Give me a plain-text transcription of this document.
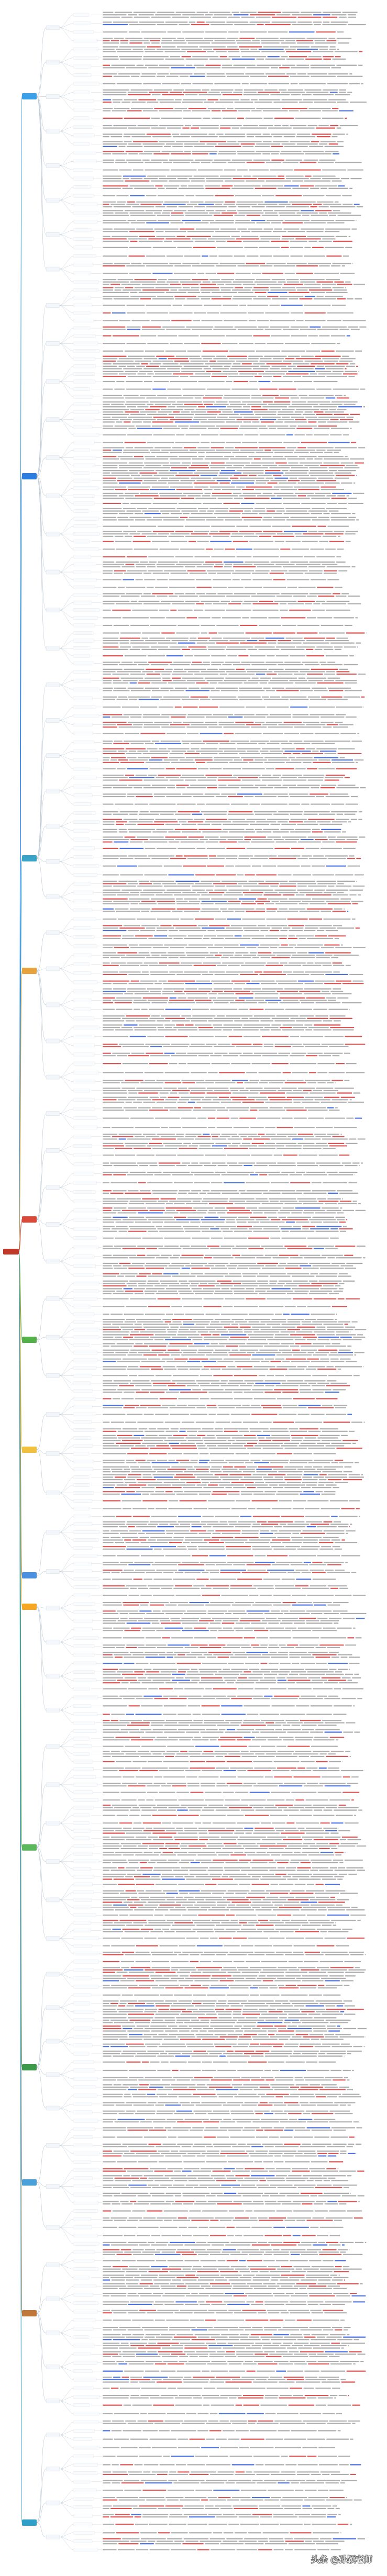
头条 @孙颖老师
